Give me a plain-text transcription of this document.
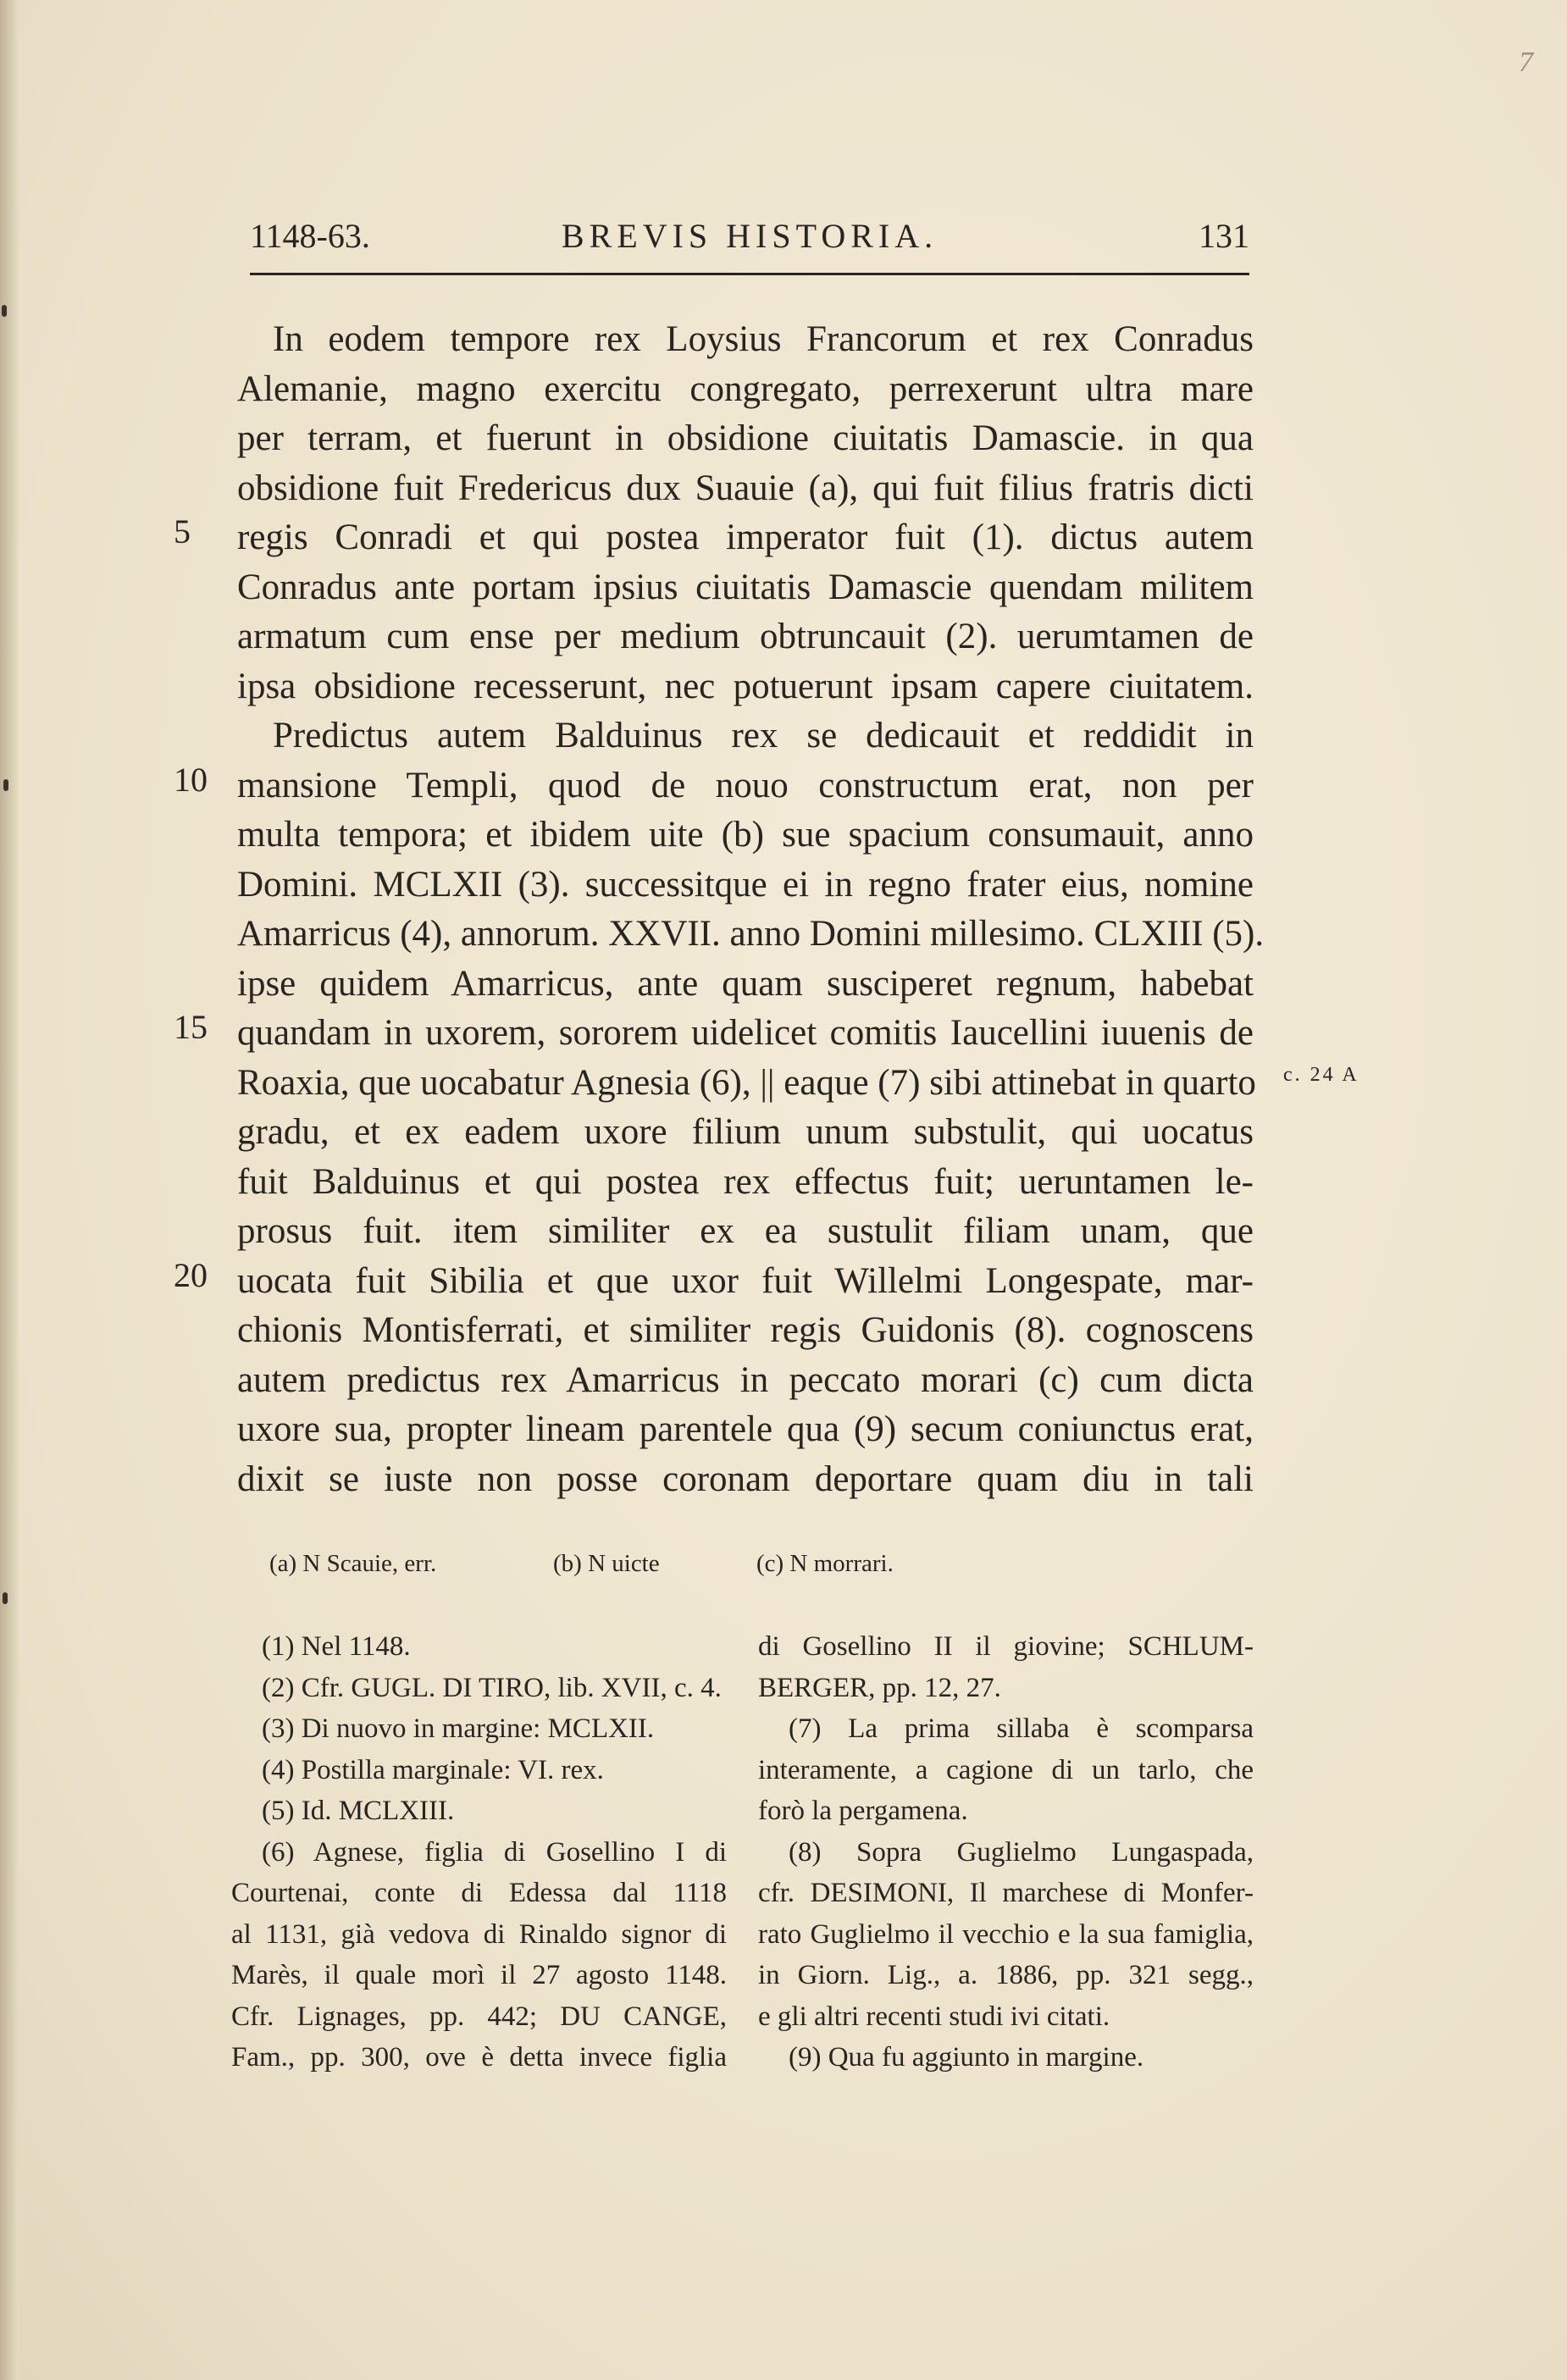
7
BREVIS HISTORIA.
1148-63.	131
5
10
15
20
c. 24 A
In eodem tempore rex Loysius Francorum et rex Conradus
Alemanie, magno exercitu congregato, perrexerunt ultra mare
per terram, et fuerunt in obsidione ciuitatis Damascie. in qua
obsidione fuit Fredericus dux Suauie (a), qui fuit filius fratris dicti
regis Conradi et qui postea imperator fuit (1). dictus autem
Conradus ante portam ipsius ciuitatis Damascie quendam militem
armatum cum ense per medium obtruncauit (2). uerumtamen de
ipsa obsidione recesserunt, nec potuerunt ipsam capere ciuitatem.
Predictus autem Balduinus rex se dedicauit et reddidit in
mansione Templi, quod de nouo constructum erat, non per
multa tempora; et ibidem uite (b) sue spacium consumauit, anno
Domini. MCLXII (3). successitque ei in regno frater eius, nomine
Amarricus (4), annorum. XXVII. anno Domini millesimo. CLXIII (5).
ipse quidem Amarricus, ante quam susciperet regnum, habebat
quandam in uxorem, sororem uidelicet comitis Iaucellini iuuenis de
Roaxia, que uocabatur Agnesia (6), || eaque (7) sibi attinebat in quarto
gradu, et ex eadem uxore filium unum substulit, qui uocatus
fuit Balduinus et qui postea rex effectus fuit; ueruntamen le-
prosus fuit. item similiter ex ea sustulit filiam unam, que
uocata fuit Sibilia et que uxor fuit Willelmi Longespate, mar-
chionis Montisferrati, et similiter regis Guidonis (8). cognoscens
autem predictus rex Amarricus in peccato morari (c) cum dicta
uxore sua, propter lineam parentele qua (9) secum coniunctus erat,
dixit se iuste non posse coronam deportare quam diu in tali
(a) N Scauie, err.	(b) N uicte	(c) N morrari.
(1) Nel 1148.
(2) Cfr. GUGL. DI TIRO, lib. XVII, c. 4.
(3) Di nuovo in margine: MCLXII.
(4) Postilla marginale: VI. rex.
(5) Id. MCLXIII.
(6) Agnese, figlia di Gosellino I di
Courtenai, conte di Edessa dal 1118
al 1131, già vedova di Rinaldo signor di
Marès, il quale morì il 27 agosto 1148.
Cfr. Lignages, pp. 442; DU CANGE,
Fam., pp. 300, ove è detta invece figlia
di Gosellino II il giovine; SCHLUM-
BERGER, pp. 12, 27.
(7) La prima sillaba è scomparsa
interamente, a cagione di un tarlo, che
forò la pergamena.
(8) Sopra Guglielmo Lungaspada,
cfr. DESIMONI, Il marchese di Monfer-
rato Guglielmo il vecchio e la sua famiglia,
in Giorn. Lig., a. 1886, pp. 321 segg.,
e gli altri recenti studi ivi citati.
(9) Qua fu aggiunto in margine.
